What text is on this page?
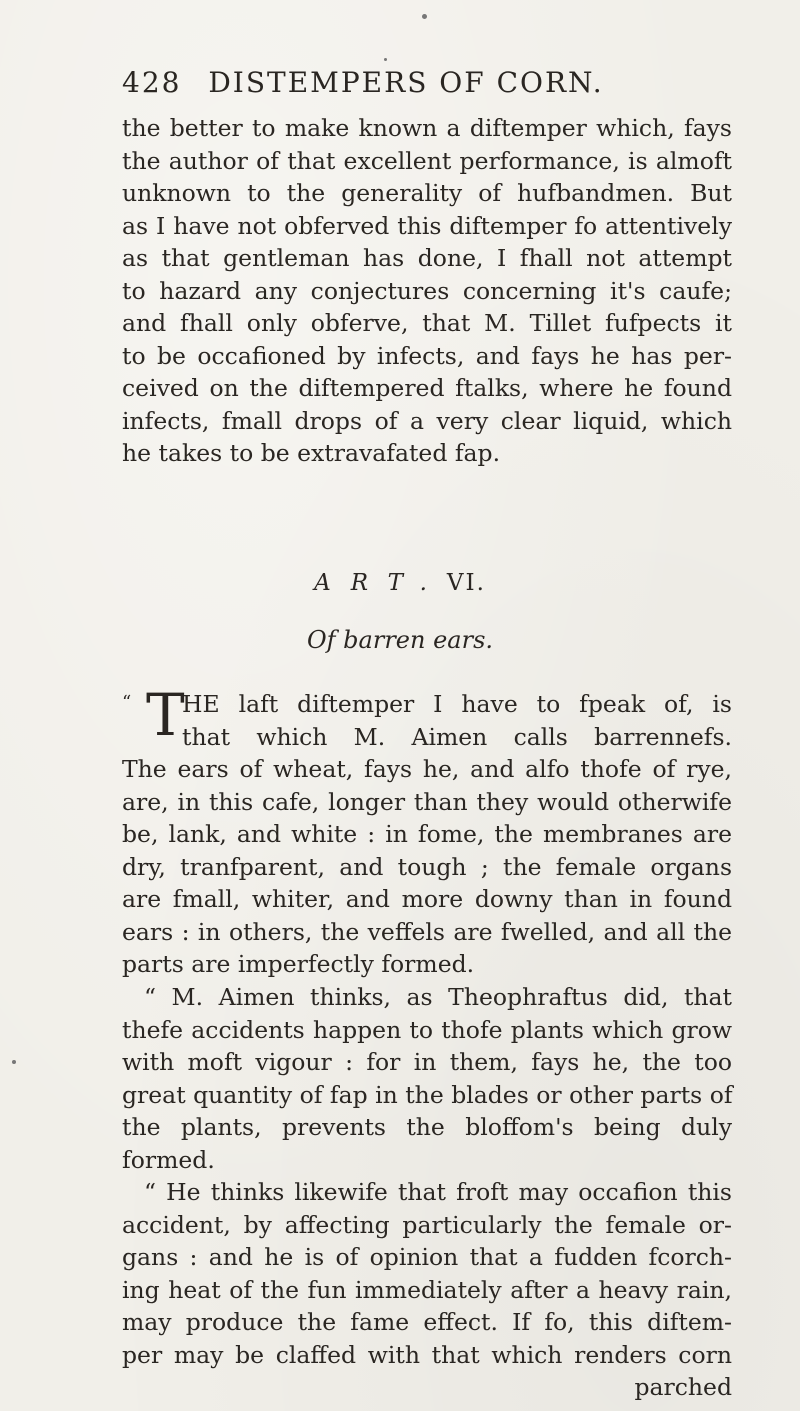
428 DISTEMPERS OF CORN.
the better to make known a diftemper which, fays
the author of that excellent performance, is almoft
unknown to the generality of hufbandmen. But
as I have not obferved this diftemper fo attentively
as that gentleman has done, I fhall not attempt
to hazard any conjectures concerning it's caufe;
and fhall only obferve, that M. Tillet fufpects it
to be occafioned by infects, and fays he has per-
ceived on the diftempered ftalks, where he found
infects, fmall drops of a very clear liquid, which
he takes to be extravafated fap.
ART.VI.
Of barren ears.
“ T
HE laft diftemper I have to fpeak of, is
that which M. Aimen calls barrennefs.
The ears of wheat, fays he, and alfo thofe of rye,
are, in this cafe, longer than they would otherwife
be, lank, and white : in fome, the membranes are
dry, tranfparent, and tough ; the female organs
are fmall, whiter, and more downy than in found
ears : in others, the veffels are fwelled, and all the
parts are imperfectly formed.
“ M. Aimen thinks, as Theophraftus did, that
thefe accidents happen to thofe plants which grow
with moft vigour : for in them, fays he, the too
great quantity of fap in the blades or other parts of
the plants, prevents the bloffom's being duly
formed.
“ He thinks likewife that froft may occafion this
accident, by affecting particularly the female or-
gans : and he is of opinion that a fudden fcorch-
ing heat of the fun immediately after a heavy rain,
may produce the fame effect. If fo, this diftem-
per may be claffed with that which renders corn
parched
